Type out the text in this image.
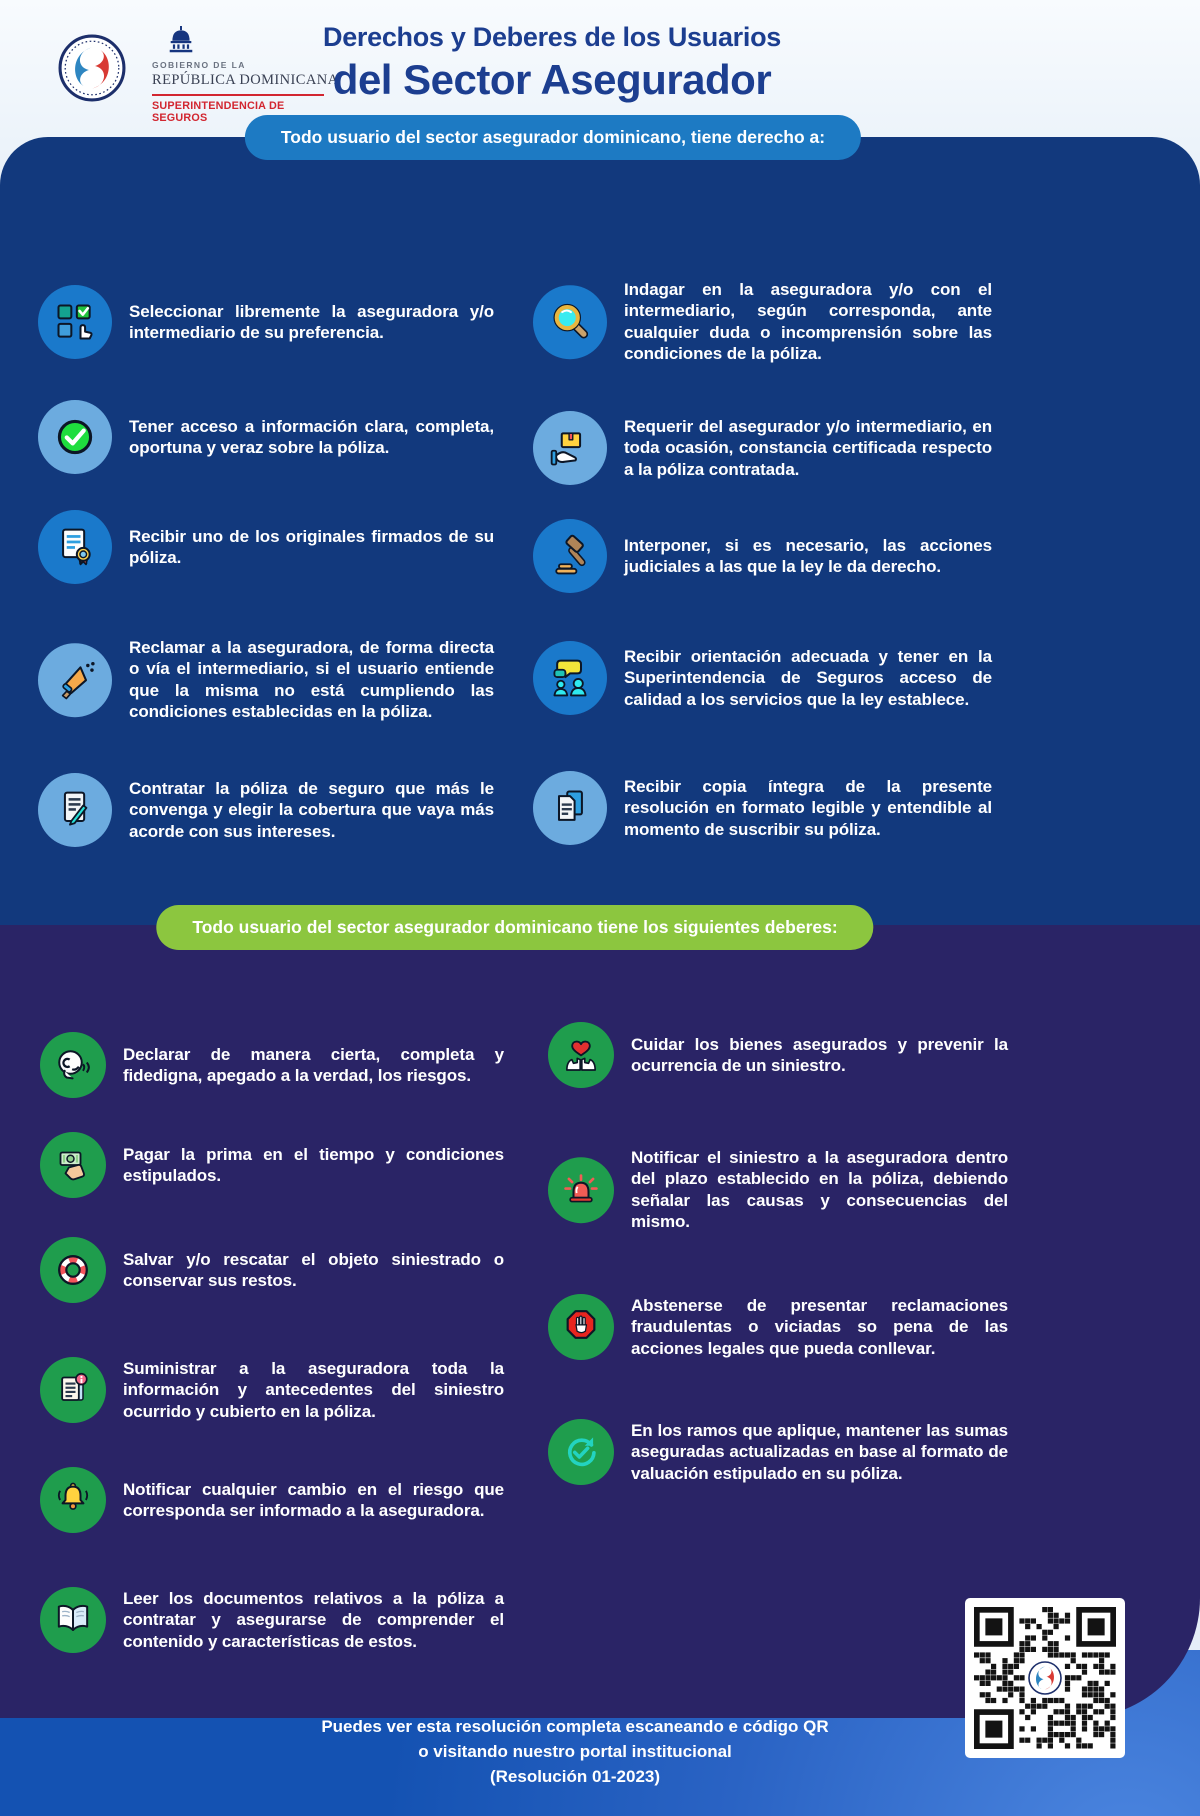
GOBIERNO DE LA
REPÚBLICA DOMINICANA
SUPERINTENDENCIA DE SEGUROS
Derechos y Deberes de los Usuarios
del Sector Asegurador
Todo usuario del sector asegurador dominicano, tiene derecho a:
Seleccionar libremente la aseguradora y/o intermediario de su preferencia.
Tener acceso a información clara, completa, oportuna y veraz sobre la póliza.
Recibir uno de los originales firmados de su póliza.
Reclamar a la aseguradora, de forma directa o vía el intermediario, si el usuario entiende que la misma no está cumpliendo las condiciones establecidas en la póliza.
Contratar la póliza de seguro que más le convenga y elegir la cobertura que vaya más acorde con sus intereses.
Indagar en la aseguradora y/o con el intermediario, según corresponda, ante cualquier duda o incomprensión sobre las condiciones de la póliza.
Requerir del asegurador y/o intermediario, en toda ocasión, constancia certificada respecto a la póliza contratada.
Interponer, si es necesario, las acciones judiciales a las que la ley le da derecho.
Recibir orientación adecuada y tener en la Superintendencia de Seguros acceso de calidad a los servicios que la ley establece.
Recibir copia íntegra de la presente resolución en formato legible y entendible al momento de suscribir su póliza.
Todo usuario del sector asegurador dominicano tiene los siguientes deberes:
Declarar de manera cierta, completa y fidedigna, apegado a la verdad, los riesgos.
Pagar la prima en el tiempo y condiciones estipulados.
Salvar y/o rescatar el objeto siniestrado o conservar sus restos.
Suministrar a la aseguradora toda la información y antecedentes del siniestro ocurrido y cubierto en la póliza.
Notificar cualquier cambio en el riesgo que corresponda ser informado a la aseguradora.
Leer los documentos relativos a la póliza a contratar y asegurarse de comprender el contenido y características de estos.
Cuidar los bienes asegurados y prevenir la ocurrencia de un siniestro.
Notificar el siniestro a la aseguradora dentro del plazo establecido en la póliza, debiendo señalar las causas y consecuencias del mismo.
Abstenerse de presentar reclamaciones fraudulentas o viciadas so pena de las acciones legales que pueda conllevar.
En los ramos que aplique, mantener las sumas aseguradas actualizadas en base al formato de valuación estipulado en su póliza.
Puedes ver esta resolución completa escaneando e código QR
o visitando nuestro portal institucional
(Resolución 01-2023)
